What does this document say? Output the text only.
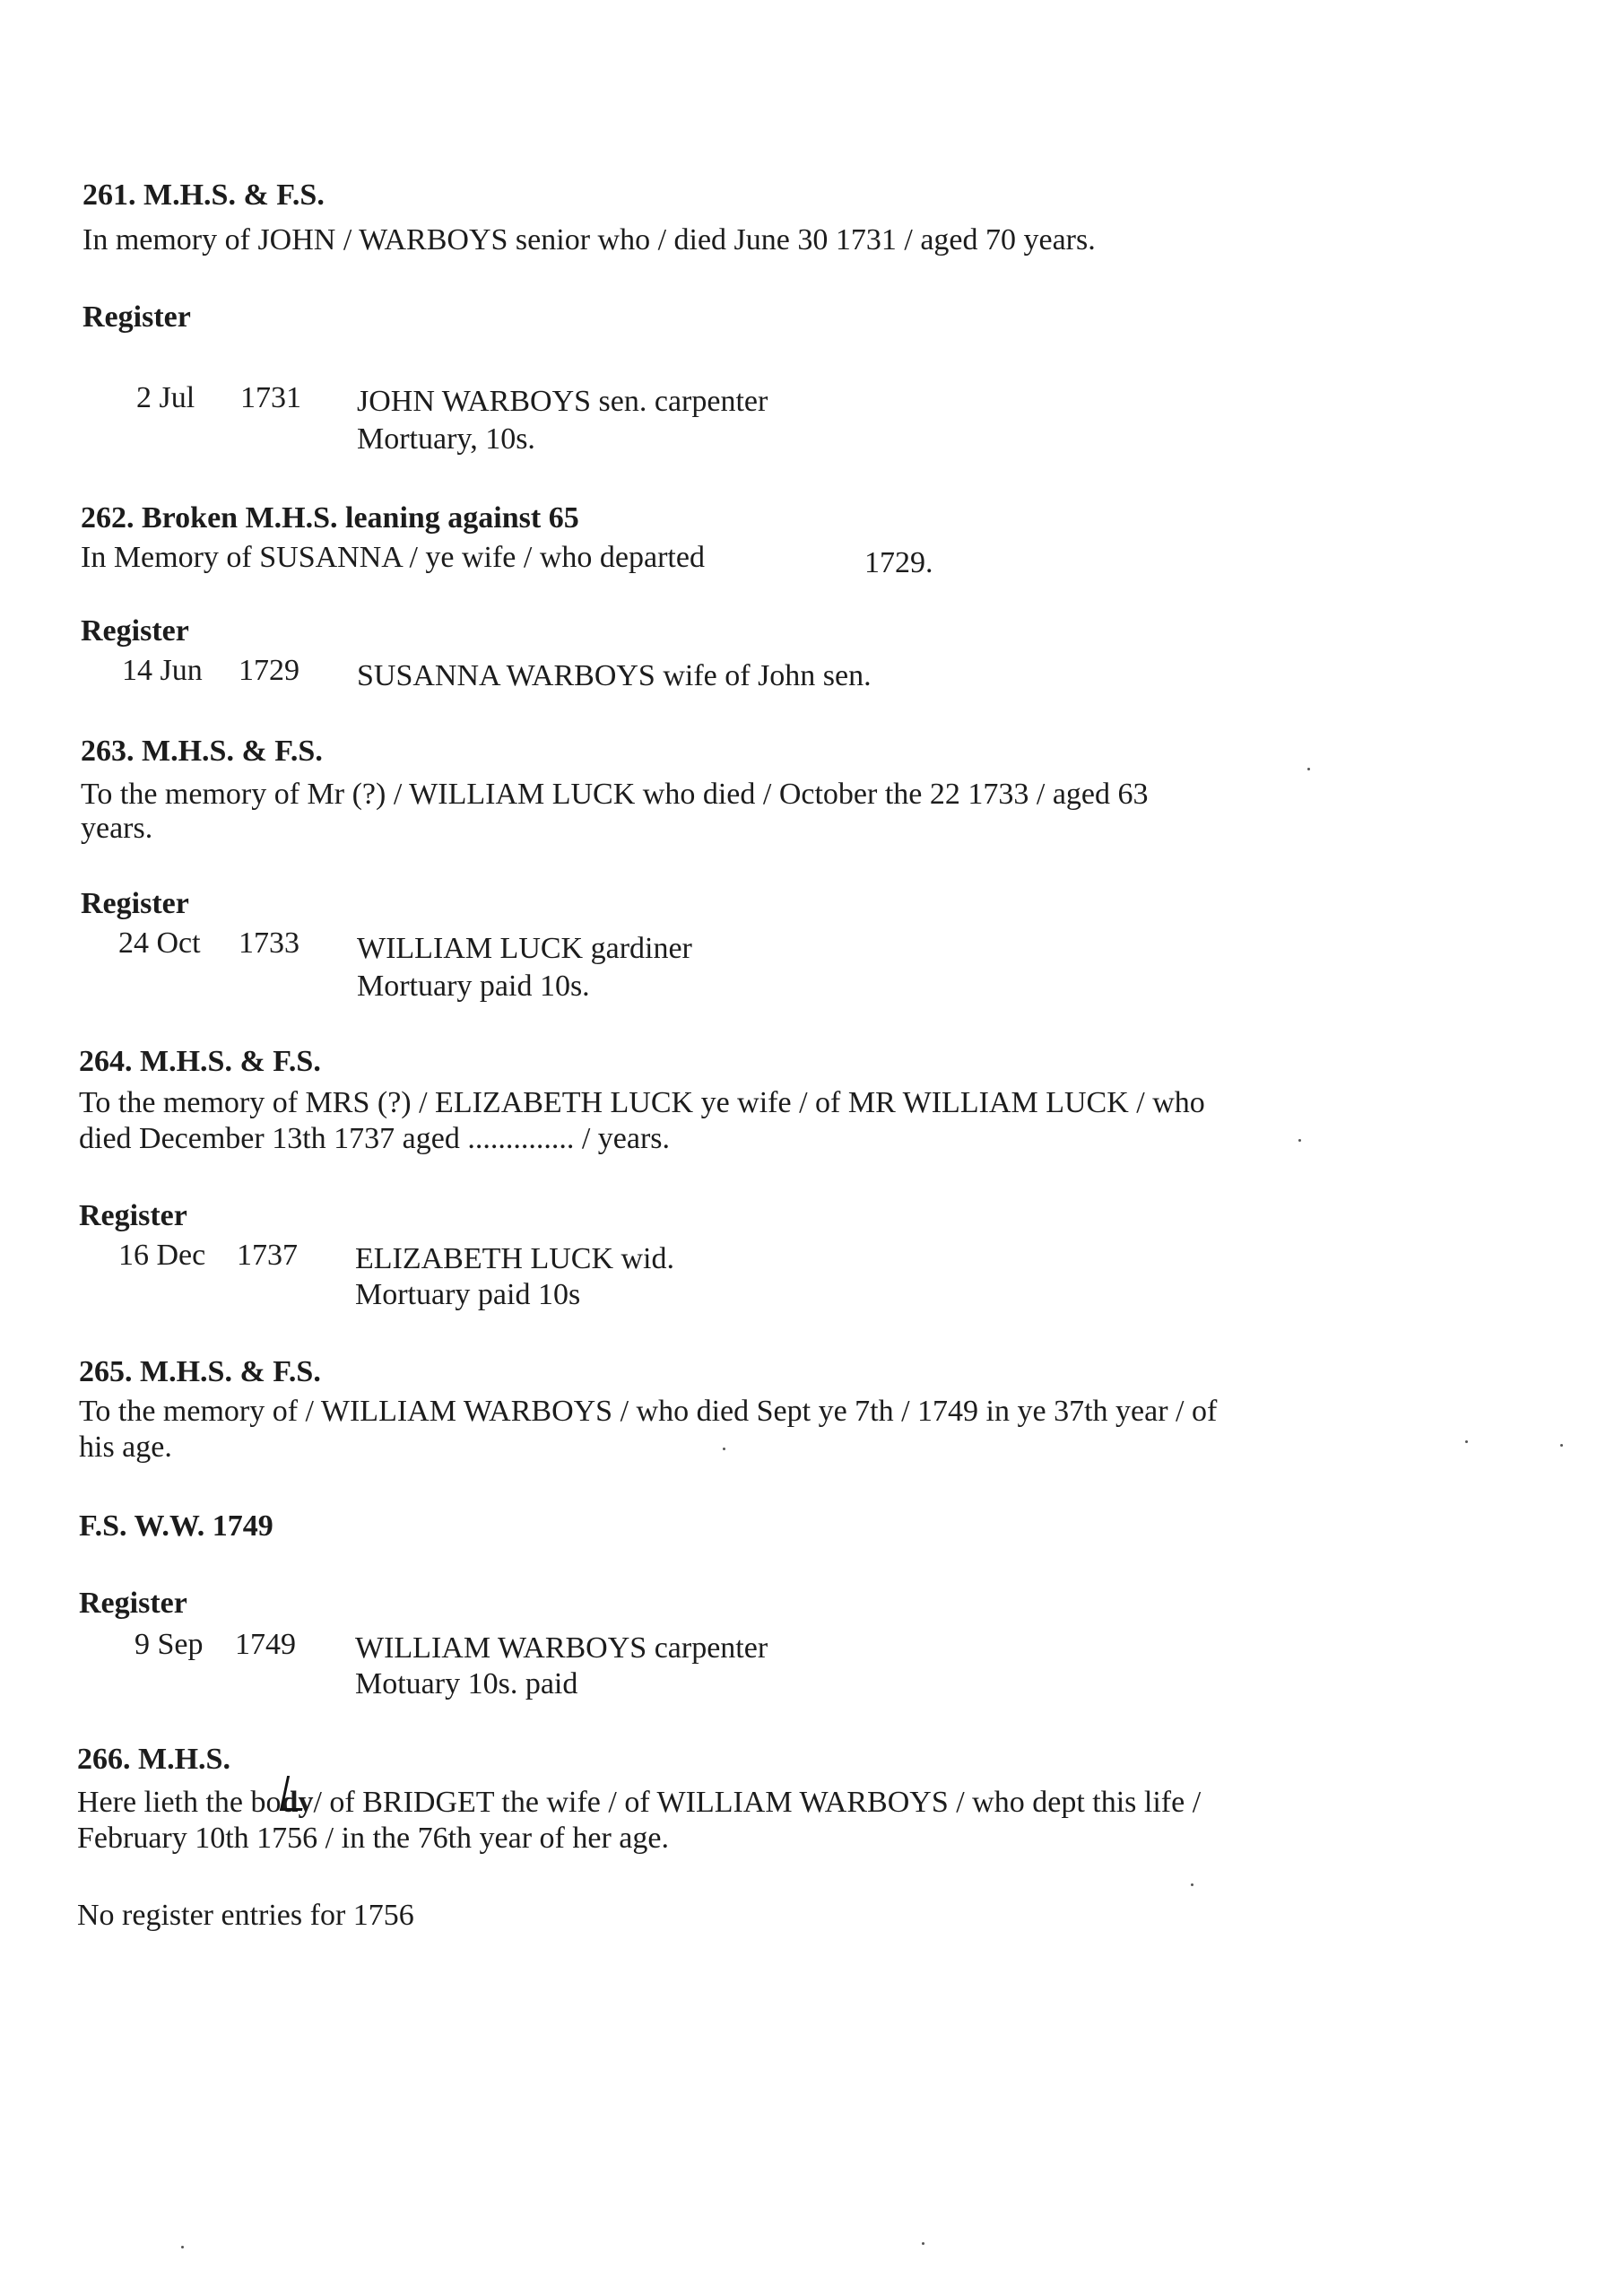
261. M.H.S. & F.S.
In memory of JOHN / WARBOYS senior who / died June 30 1731 / aged 70 years.
Register
2 Jul 1731 JOHN WARBOYS sen. carpenter
Mortuary, 10s.
262. Broken M.H.S. leaning against 65
In Memory of SUSANNA / ye wife / who departed	1729.
Register
14 Jun 1729 SUSANNA WARBOYS wife of John sen.
263. M.H.S. & F.S.
To the memory of Mr (?) / WILLIAM LUCK who died / October the 22 1733 / aged 63
years.
Register
24 Oct 1733 WILLIAM LUCK gardiner
Mortuary paid 10s.
264. M.H.S. & F.S.
To the memory of MRS (?) / ELIZABETH LUCK ye wife / of MR WILLIAM LUCK / who
died December 13th 1737 aged .............. / years.
Register
16 Dec 1737 ELIZABETH LUCK wid.
Mortuary paid 10s
265. M.H.S. & F.S.
To the memory of / WILLIAM WARBOYS / who died Sept ye 7th / 1749 in ye 37th year / of
his age.
F.S. W.W. 1749
Register
9 Sep 1749 WILLIAM WARBOYS carpenter
Motuary 10s. paid
266. M.H.S.
Here lieth the body/ of BRIDGET the wife / of WILLIAM WARBOYS / who dept this life /
February 10th 1756 / in the 76th year of her age.
No register entries for 1756
